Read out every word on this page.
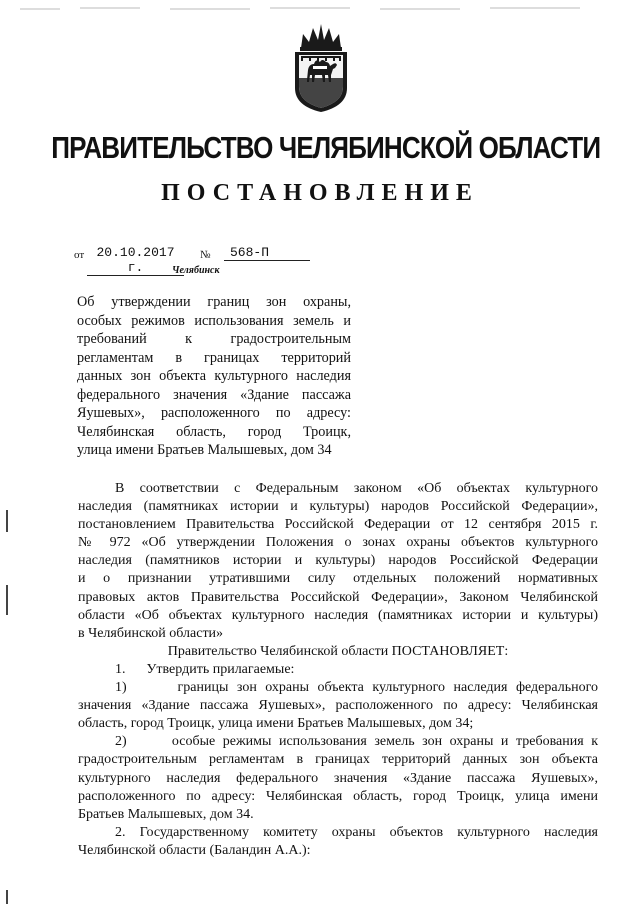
ПРАВИТЕЛЬСТВО ЧЕЛЯБИНСКОЙ ОБЛАСТИ
ПОСТАНОВЛЕНИЕ
от 20.10.2017 г.
№	568-П
Челябинск
Об утверждении границ зон охраны,
особых режимов использования земель и
требований к градостроительным
регламентам в границах территорий
данных зон объекта культурного наследия
федерального значения «Здание пассажа
Яушевых», расположенного по адресу:
Челябинская область, город Троицк,
улица имени Братьев Малышевых, дом 34
В соответствии с Федеральным законом «Об объектах культурного
наследия (памятниках истории и культуры) народов Российской Федерации»,
постановлением Правительства Российской Федерации от 12 сентября 2015 г.
№ 972 «Об утверждении Положения о зонах охраны объектов культурного
наследия (памятников истории и культуры) народов Российской Федерации
и о признании утратившими силу отдельных положений нормативных
правовых актов Правительства Российской Федерации», Законом Челябинской
области «Об объектах культурного наследия (памятниках истории и культуры)
в Челябинской области»
Правительство Челябинской области ПОСТАНОВЛЯЕТ:
1.      Утвердить прилагаемые:
1)      границы зон охраны объекта культурного наследия федерального
значения «Здание пассажа Яушевых», расположенного по адресу: Челябинская
область, город Троицк, улица имени Братьев Малышевых, дом 34;
2)      особые режимы использования земель зон охраны и требования к
градостроительным регламентам в границах территорий данных зон объекта
культурного наследия федерального значения «Здание пассажа Яушевых»,
расположенного по адресу: Челябинская область, город Троицк, улица имени
Братьев Малышевых, дом 34.
2. Государственному комитету охраны объектов культурного наследия
Челябинской области (Баландин А.А.):
